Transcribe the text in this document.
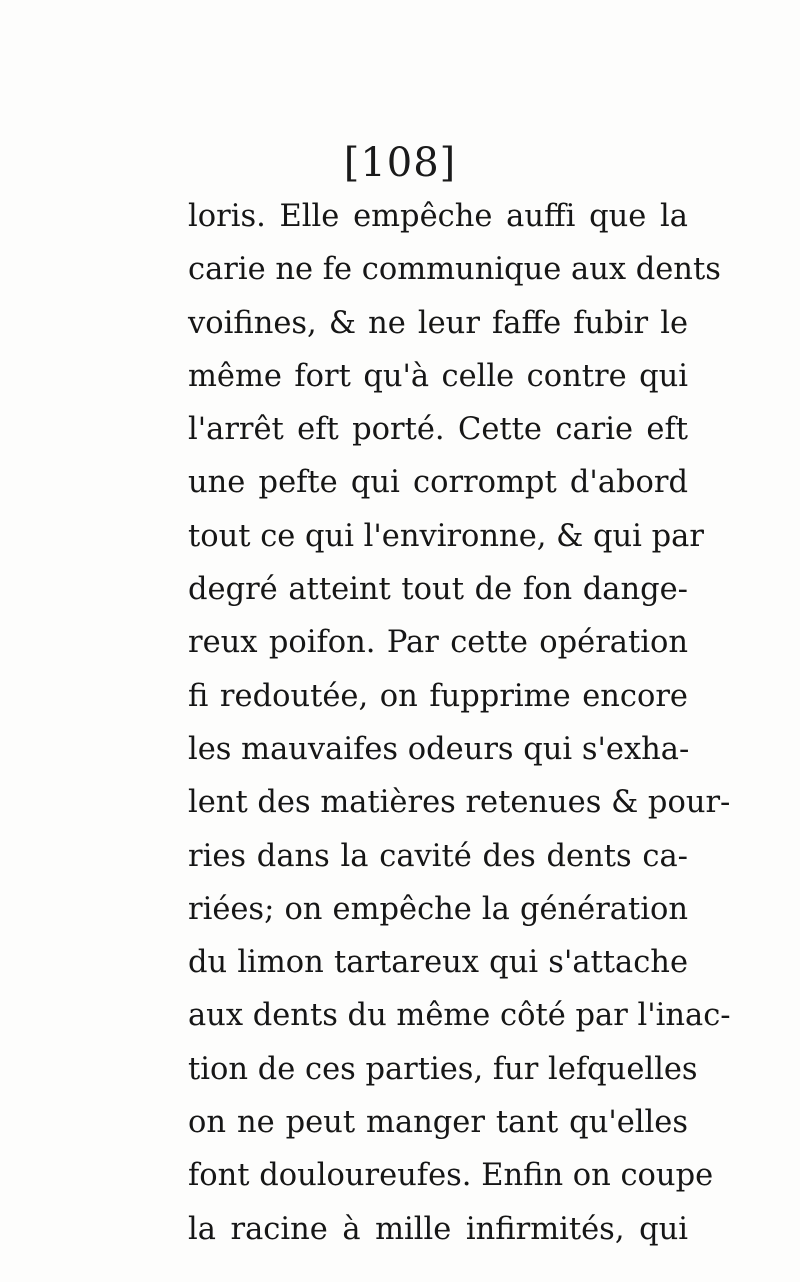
[108]
loris. Elle empêche auffi que la
carie ne fe communique aux dents
voifines, & ne leur faffe fubir le
même fort qu'à celle contre qui
l'arrêt eft porté. Cette carie eft
une pefte qui corrompt d'abord
tout ce qui l'environne, & qui par
degré atteint tout de fon dange-
reux poifon. Par cette opération
fi redoutée, on fupprime encore
les mauvaifes odeurs qui s'exha-
lent des matières retenues & pour-
ries dans la cavité des dents ca-
riées; on empêche la génération
du limon tartareux qui s'attache
aux dents du même côté par l'inac-
tion de ces parties, fur lefquelles
on ne peut manger tant qu'elles
font douloureufes. Enfin on coupe
la racine à mille infirmités, qui
